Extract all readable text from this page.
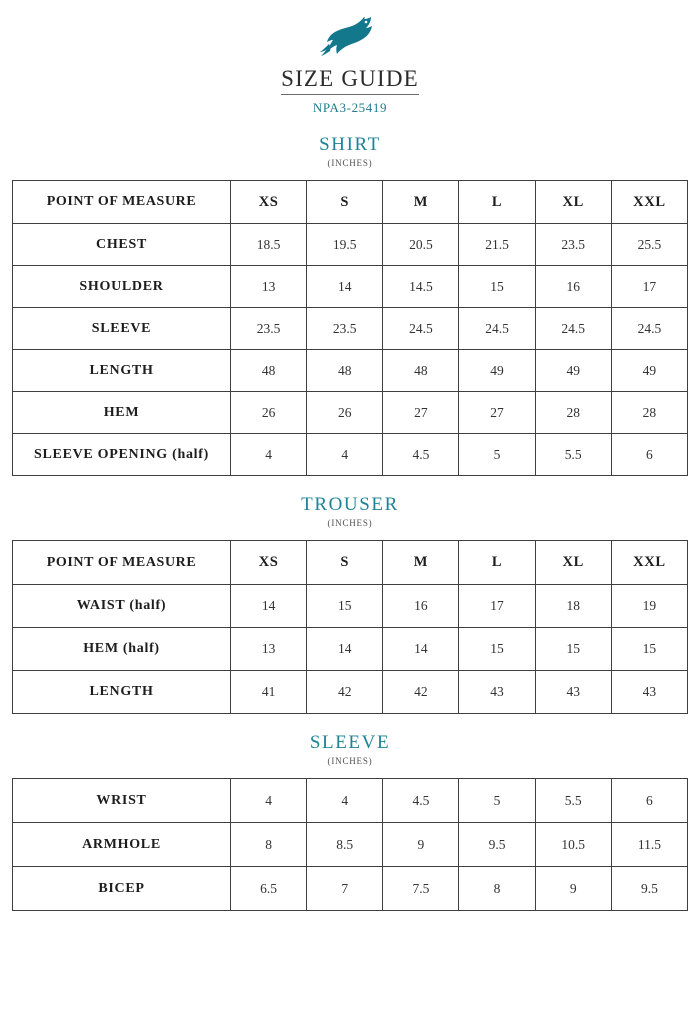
SIZE GUIDE
NPA3-25419
SHIRT
(INCHES)
POINT OF MEASURE	XS	S	M	L	XL	XXL
CHEST	18.5	19.5	20.5	21.5	23.5	25.5
SHOULDER	13	14	14.5	15	16	17
SLEEVE	23.5	23.5	24.5	24.5	24.5	24.5
LENGTH	48	48	48	49	49	49
HEM	26	26	27	27	28	28
SLEEVE OPENING (half)	4	4	4.5	5	5.5	6
TROUSER
(INCHES)
POINT OF MEASURE	XS	S	M	L	XL	XXL
WAIST (half)	14	15	16	17	18	19
HEM (half)	13	14	14	15	15	15
LENGTH	41	42	42	43	43	43
SLEEVE
(INCHES)
WRIST	4	4	4.5	5	5.5	6
ARMHOLE	8	8.5	9	9.5	10.5	11.5
BICEP	6.5	7	7.5	8	9	9.5
